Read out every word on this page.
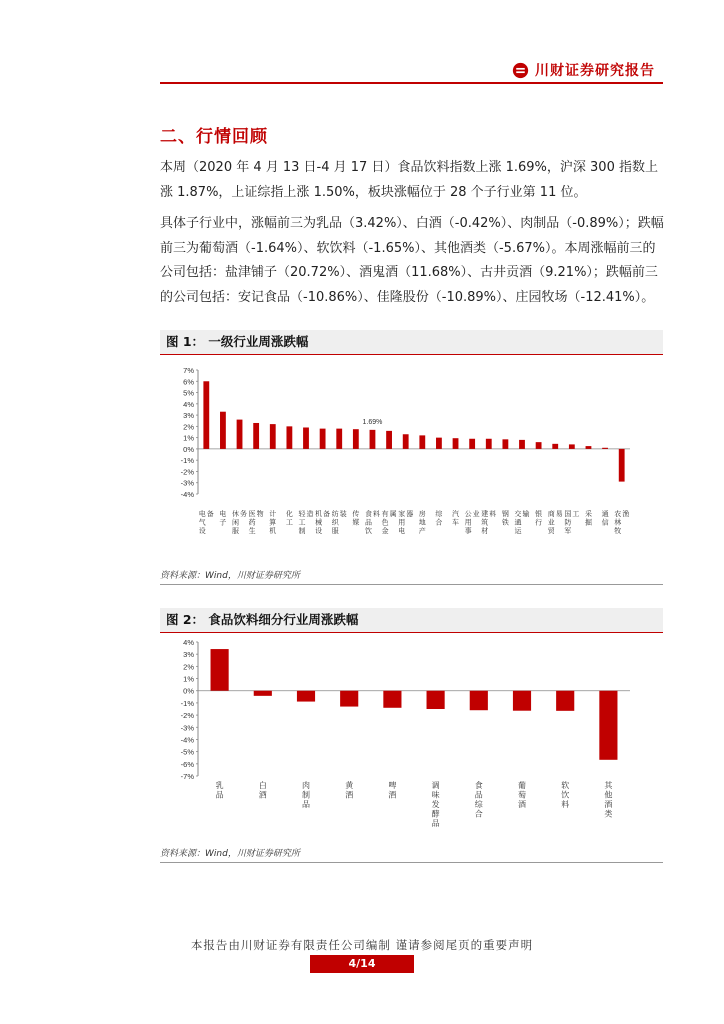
川财证券研究报告
二、行情回顾

本周（2020 年 4 月 13 日-4 月 17 日）食品饮料指数上涨 1.69%，沪深 300 指数上涨 1.87%，上证综指上涨 1.50%，板块涨幅位于 28 个子行业第 11 位。

具体子行业中，涨幅前三为乳品（3.42%）、白酒（-0.42%）、肉制品（-0.89%）；跌幅前三为葡萄酒（-1.64%）、软饮料（-1.65%）、其他酒类（-5.67%）。本周涨幅前三的公司包括：盐津铺子（20.72%）、酒鬼酒（11.68%）、古井贡酒（9.21%）；跌幅前三的公司包括：安记食品（-10.86%）、佳隆股份（-10.89%）、庄园牧场（-12.41%）。

图 1： 一级行业周涨跌幅
7%
6%
5%
4%
3%
2%
1%
0%
-1%
-2%
-3%
-4%
电气设备 电子
休闲服务 医药生物 计算机
化工
轻工制造 机械设备 纺织服装 传媒
食品饮料 有色金属 家用电器 房地产
综合
汽车
公用事业 建筑材料 钢铁
交通运输 银行
商业贸易 国防军工 采掘
通信
农林牧渔
1.69%
资料来源：Wind，川财证券研究所
图 2： 食品饮料细分行业周涨跌幅
4%
3%
2%
1%
0%
-1%
-2%
-3%
-4%
-5%
-6%
-7%
乳品
白酒
肉制品
黄酒
啤酒
调味发酵品
食品综合
葡萄酒
软饮料
其他酒类
资料来源：Wind，川财证券研究所
本报告由川财证券有限责任公司编制 谨请参阅尾页的重要声明
4/14
